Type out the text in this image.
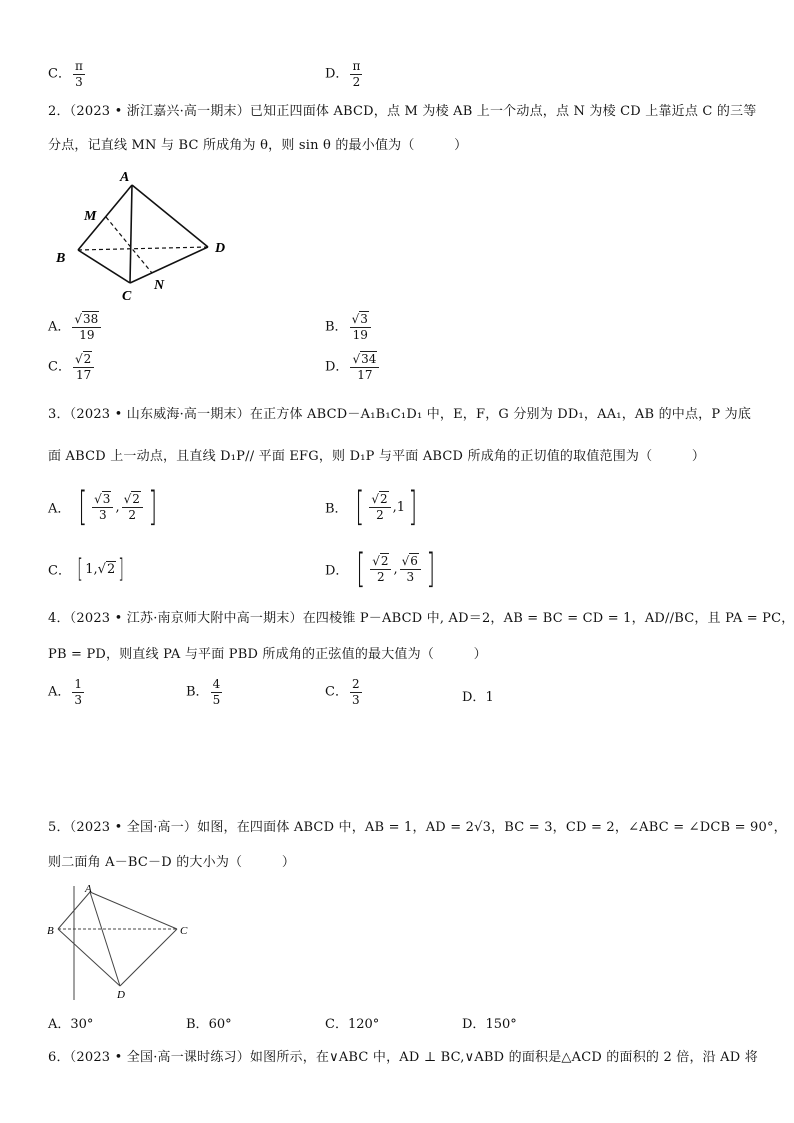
C． $\frac{\pi}{3}$	D． $\frac{\pi}{2}$
2．（2023 • 浙江嘉兴·高一期末）已知正四面体 ABCD，点 M 为棱 AB 上一个动点，点 N 为棱 CD 上靠近点 C 的三等
分点，记直线 MN 与 BC 所成角为 θ，则 sin θ 的最小值为（　　　）
A
M
B
D
C
N
A． $\frac{√38}{19}$	B． $\frac{√3}{19}$
C． $\frac{√2}{17}$	D． $\frac{√34}{17}$
3．（2023 • 山东威海·高一期末）在正方体 ABCD－A₁B₁C₁D₁ 中，E，F，G 分别为 DD₁，AA₁，AB 的中点，P 为底
面 ABCD 上一动点，且直线 D₁P// 平面 EFG，则 D₁P 与平面 ABCD 所成角的正切值的取值范围为（　　　）
A． [ $\frac{√3}{3}$ , $\frac{√2}{2}$ ]	B． [ $\frac{√2}{2} ,1$ ]
C． [ 1,√ 2 ]	D． [ $\frac{√2}{2}$ , $\frac{√6}{3}$ ]
4．（2023 • 江苏·南京师大附中高一期末）在四棱锥 P－ABCD 中, AD＝2，AB = BC = CD = 1，AD//BC，且 PA = PC，
PB = PD，则直线 PA 与平面 PBD 所成角的正弦值的最大值为（　　　）
A． $\frac{1}{3}$	B． $\frac{4}{5}$	C． $\frac{2}{3}$	D．1
5．（2023 • 全国·高一）如图，在四面体 ABCD 中，AB = 1，AD = 2√3，BC = 3，CD = 2，∠ABC = ∠DCB = 90°，
则二面角 A－BC－D 的大小为（　　　）
A
B	C
D
A．30°	B．60°	C．120°	D．150°
6．（2023 • 全国·高一课时练习）如图所示，在∨ABC 中，AD ⊥ BC,∨ABD 的面积是△ACD 的面积的 2 倍，沿 AD 将
